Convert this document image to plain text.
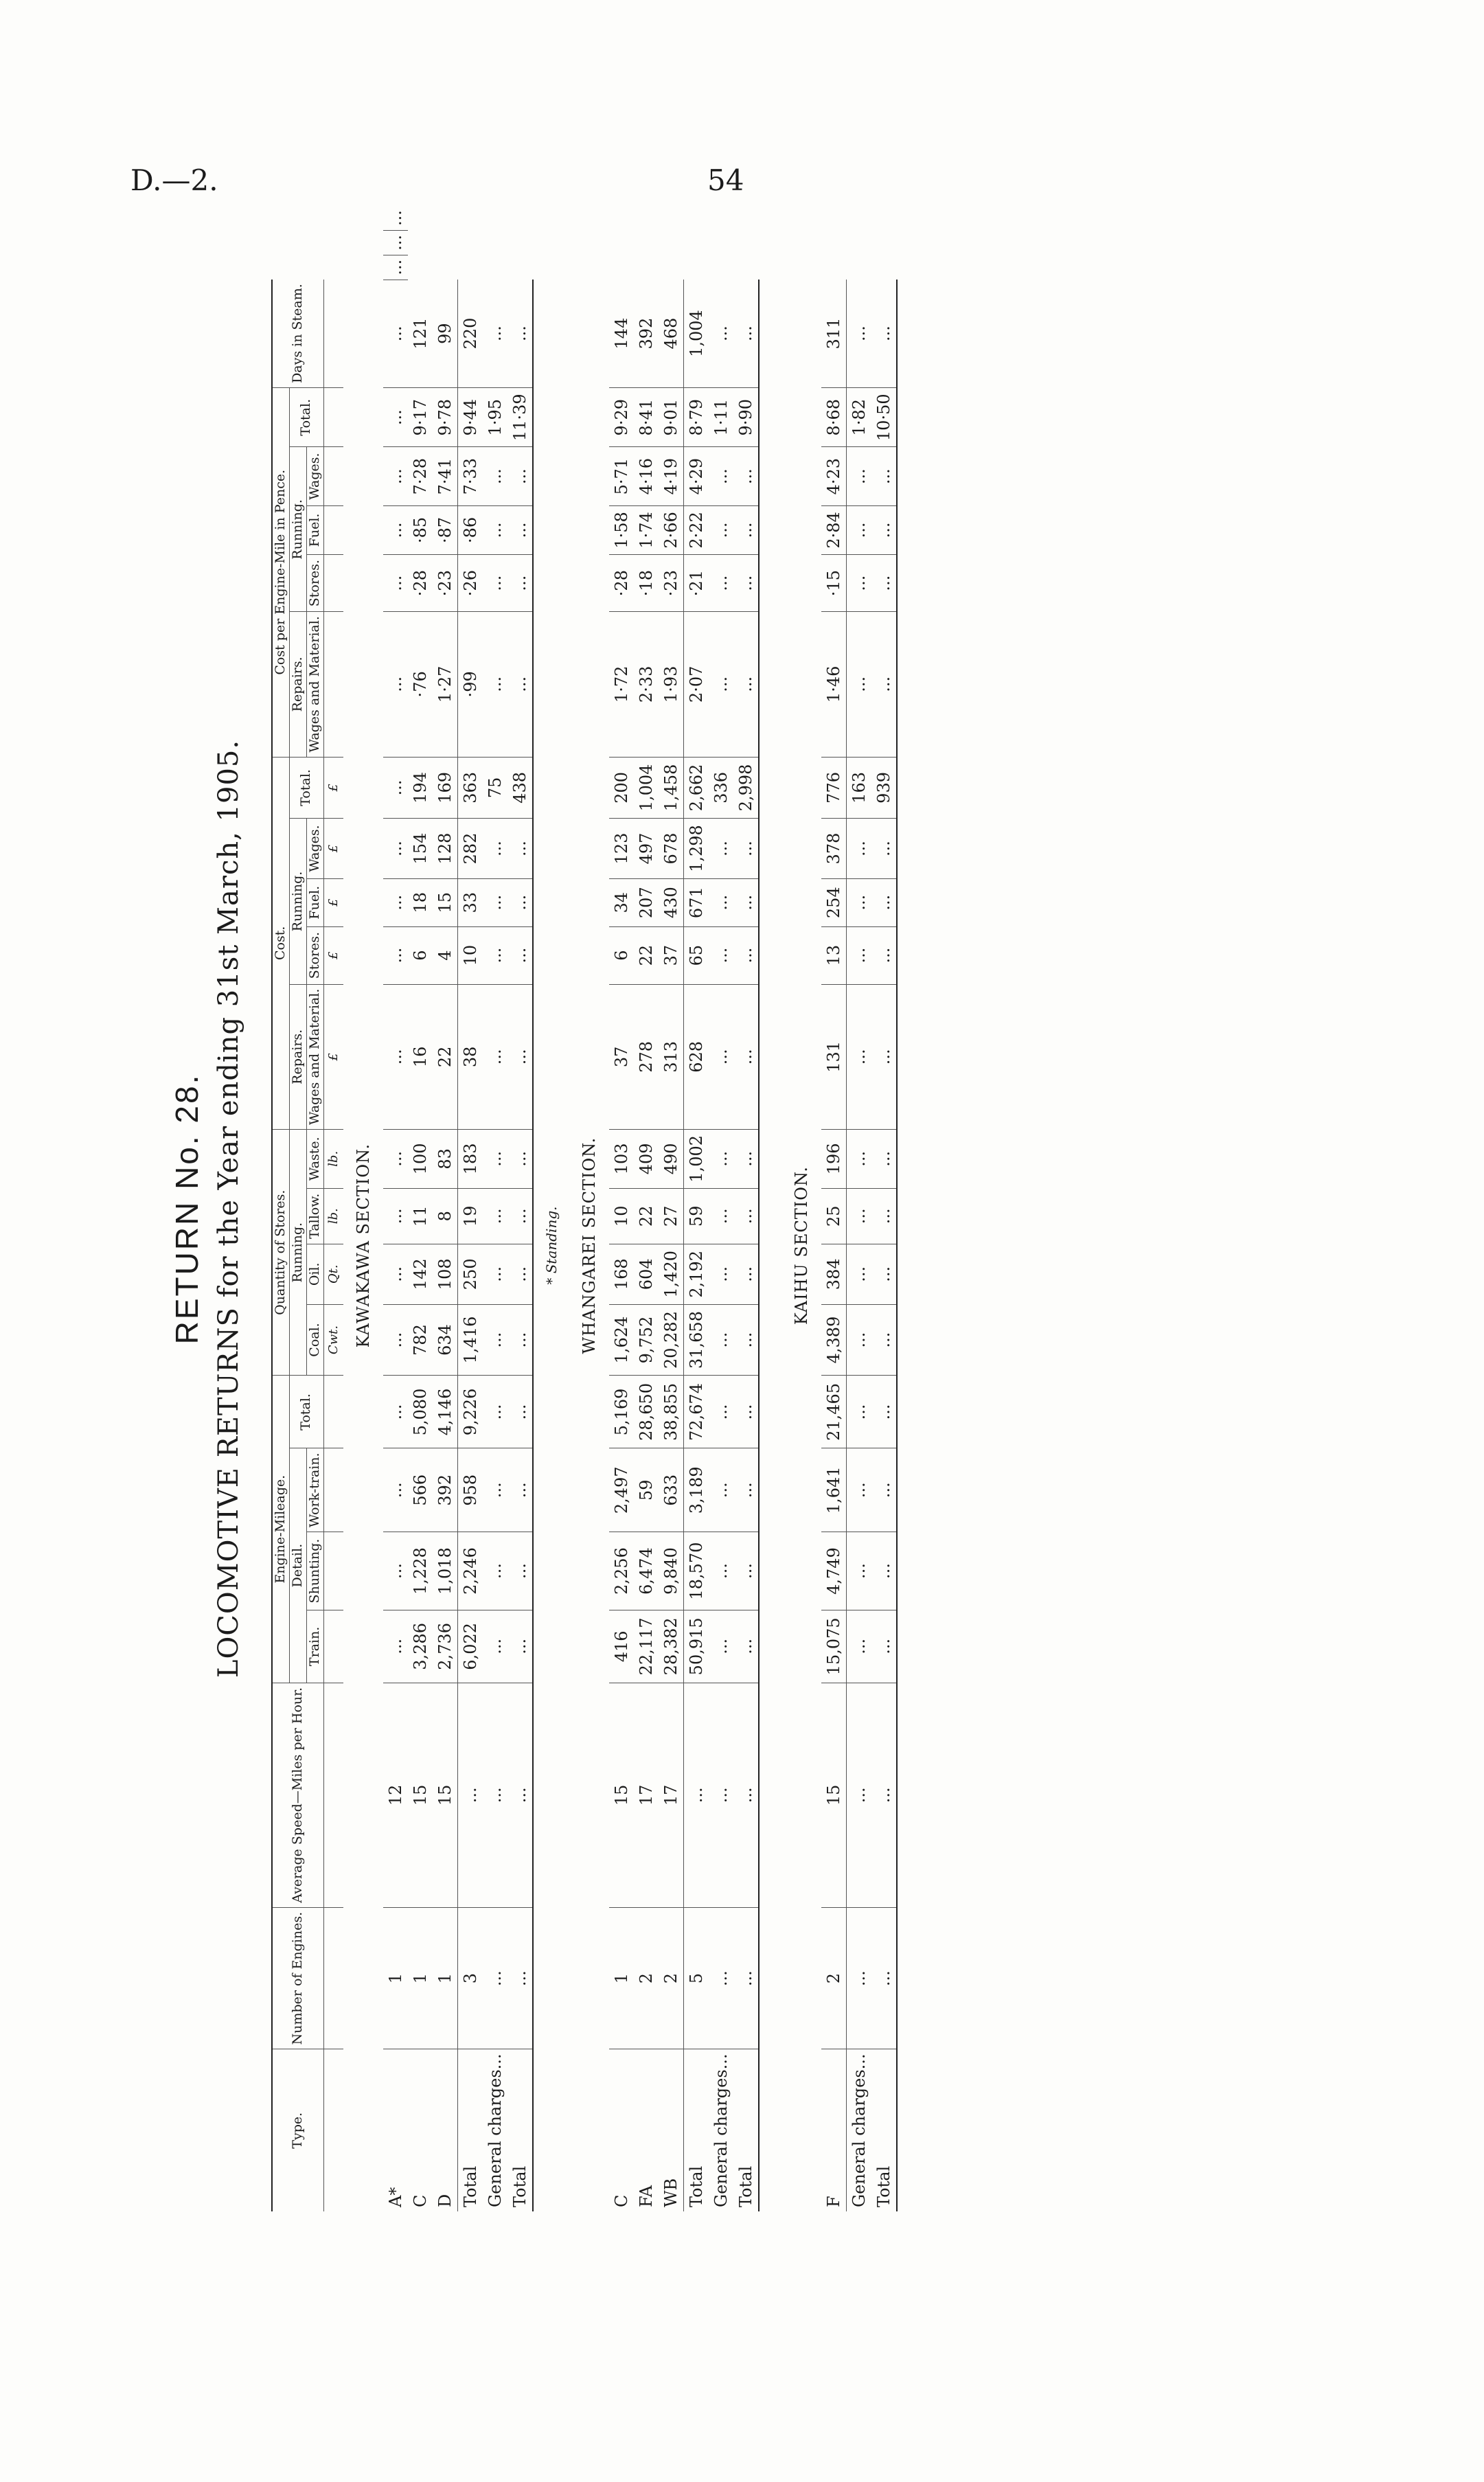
D.—2.	54
RETURN No. 28. LOCOMOTIVE RETURNS for the Year ending 31st March, 1905.
Type.	Number of Engines.	Average Speed—Miles per Hour.	Engine-Mileage.				Quantity of Stores.				Cost.					Cost per Engine-Mile in Pence.					Days in Steam.			
			Detail.			Total.	Running.				Repairs.	Running.			Total.	Repairs.	Running.			Total.				
			Train.	Shunting.	Work-train.		Coal.	Oil.	Tallow.	Waste.	Wages and Material.	Stores.	Fuel.	Wages.		Wages and Material.	Stores.	Fuel.	Wages.					

							Cwt.	Qt.	lb.	lb.	£	£	£	£	£									
KAWAKAWA SECTION.																								
A*	1	12	...	...	...	...	...	...	...	...	...	...	...	...	...	...	...	...	...	...	...	...	...	...
C	1	15	3,286	1,228	566	5,080	782	142	11	100	16	6	18	154	194	·76	·28	·85	7·28	9·17	121			
D	1	15	2,736	1,018	392	4,146	634	108	8	83	22	4	15	128	169	1·27	·23	·87	7·41	9·78	99			
Total	3	...	6,022	2,246	958	9,226	1,416	250	19	183	38	10	33	282	363	·99	·26	·86	7·33	9·44	220			
General charges...	...	...	...	...	...	...	...	...	...	...	...	...	...	...	75	...	...	...	...	1·95	...			
Total	...	...	...	...	...	...	...	...	...	...	...	...	...	...	438	...	...	...	...	11·39	...			
* Standing.																								
WHANGAREI SECTION.																								
C	1	15	416	2,256	2,497	5,169	1,624	168	10	103	37	6	34	123	200	1·72	·28	1·58	5·71	9·29	144			
FA	2	17	22,117	6,474	59	28,650	9,752	604	22	409	278	22	207	497	1,004	2·33	·18	1·74	4·16	8·41	392			
WB	2	17	28,382	9,840	633	38,855	20,282	1,420	27	490	313	37	430	678	1,458	1·93	·23	2·66	4·19	9·01	468			
Total	5	...	50,915	18,570	3,189	72,674	31,658	2,192	59	1,002	628	65	671	1,298	2,662	2·07	·21	2·22	4·29	8·79	1,004			
General charges...	...	...	...	...	...	...	...	...	...	...	...	...	...	...	336	...	...	...	...	1·11	...			
Total	...	...	...	...	...	...	...	...	...	...	...	...	...	...	2,998	...	...	...	...	9·90	...			

KAIHU SECTION.																								
F	2	15	15,075	4,749	1,641	21,465	4,389	384	25	196	131	13	254	378	776	1·46	·15	2·84	4·23	8·68	311			
General charges...	...	...	...	...	...	...	...	...	...	...	...	...	...	...	163	...	...	...	...	1·82	...			
Total	...	...	...	...	...	...	...	...	...	...	...	...	...	...	939	...	...	...	...	10·50	...			
